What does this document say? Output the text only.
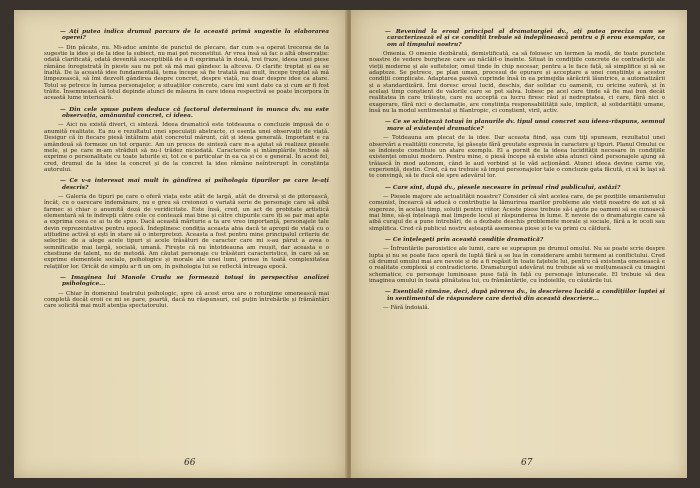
— Ați putea indica drumul parcurs de la această primă sugestie la elaborarea operei?

— Din păcate, nu. Mi-aduc aminte de punctul de plecare, dar cum s-a operat trecerea de la sugestie la idee și de la idee la subiect, nu mai pot reconstitui. Ar vrea însă să fac o altă observație: odată clarificată, odată devenită susceptibilă de a fi exprimată în două, trei fraze, ideea unei piese rămâne înregistrată în pieste sau nu pot să mă mai gândesc la altceva. O clarific treptat și ea se înaltă. De la această idee fundamentală, tema începe să fie tratată mai mult, începe treptat să mă limpezească, să îmi dezvolt gândirea despre concret, despre viață, nu doar despre idee ca atare. Totul se petrece în lumea personajelor, a situațiilor concrete, care îmi sunt date ca și cum ar fi fost trăite. Însemnează că totul depinde atunci de măsura în care ideea respectivă se poate încorpora în această lume interioară.

— Din cele spuse putem deduce că factorul determinant în munca dv. nu este observația, amănuntul concret, ci ideea.

— Aici nu există divert, ci sinteză. Ideea dramatică este totdeauna o concluzie impusă de o anumită realitate. Ea nu e rezultatul unei speculații abstracte, ci esența unei observații de viață. Desigur că în fiecare piesă întâlnim atât concretul mărunt, cât și ideea generală. Important e ca amândouă să formeze un tot organic. Am un proces de sinteză care m-a ajutat să realizez piesele mele, și pe care m-am străduit să nu-l trădez niciodată. Caracterele și întâmplările trebuie să exprime o personalitate cu toate laturile ei, tot ce e particular în ea ca și ce e general. În acest fel, cred, drumul de la idee la concret și de la concret la idee rămâne neîntrerupt în conștiința autorului.

— Ce v-a interesat mai mult în gândirea și psihologia tipurilor pe care le-ați descris?

— Galeria de tipuri pe care o oferă viața este atât de largă, atât de diversă și de pitorească, încât, cu o oarecare îndemânare, nu e greu să creionezi o variată serie de personaje care să aibă farmec și chiar o anumită doză de veridicitate. Este însă, cred, un act de probitate artistică elementară să te îndrepți către cele ce contează mai bine și către chipurile care îți se par mai apte a exprima ceea ce ai tu de spus. Dacă această mărturie a ta are vreo importanță, personajele tale devin reprezentative pentru epocă. Îndeplinesc condiția aceasta abia dacă te apropii de viață cu o atitudine activă și ești în stare să o interpretezi. Aceasta a fost pentru mine principalul criteriu de selecție: de a alege acele tipuri și acele trăsături de caracter care mi s-au părut a avea o semnificație mai largă, socială, umană. Firește că nu întotdeauna am reușit, dar aceasta e o chestiune de talent, nu de metodă. Am căutat personaje cu trăsături caracteristice, în care să se exprime elementele sociale, psihologice și morale ale unei lumi, prinse în toată complexitatea relațiilor lor. Oricât de simplu ar fi un om, în psihologia lui se reflectă întreaga epocă.

— Imaginea lui Manole Crudu se formează totuși în perspectiva analizei psihologice...

— Chiar în domeniul teatrului psihologic, spre că acest erou are o rotunjime omenească mai completă decât eroii ce mi se pare, poartă, dacă nu răspunsuri, cel puțin întrebările și frământări care solicită mai mult atenția spectatorului.

66
— Revenind la eroul principal al dramaturgiei dv., ați putea preciza cum se caracterizează el și ce condiții trebuie să îndeplinească pentru a fi erou exemplar, ca om al timpului nostru?

Omenia. O omenie dezbărată, demistificată, ca să folosesc un termen la modă, de toate punctele noastre de vedere burgheze care au năclăit-o înainte. Situat în condițiile concrete de contradicții ale vieții moderne și ale sufletelor, omul tinde în chip necesar, pentru a le face față, să simplifice și să se adapteze. Se petrece, pe plan uman, procesul de epurare și acceptare a unei conștiințe a acestor condiții complicate. Adaptarea pasivă cuprinde însă în ea primejdia sărăcirii lăuntrice, a automatizării și a standardizării. Îmi doresc eroul lucid, deschis, dar solidar cu oamenii, cu oricine suferă, și în același timp conștient de valorile care se pot salva. Iubesc pe acel care tinde să fie mai bun decât realitatea în care trăiește, care nu acceptă ca lucru firesc răul și nedreptatea, ci care, fără nici o exagerare, fără nici o declamație, are conștiința responsabilității sale, implicit, al solidarității umane, însă nu la modul sentimental și filantropic, ci conștient, viril, activ.

— Ce se schițează totuși în planurile dv. tipul unui concret sau ideea-răspuns, semnul mare al existenței dramatice?

— Totdeauna am plecat de la idee. Dar aceasta fiind, aşa cum tiţi spuneam, rezultatul unei observări a realității concrete, îşi găseşte fără greutate expresia în caractere şi tipuri. Planul Omului ce se îndoiește constituie un atare exemplu. El a pornit de la ideea lucidității necesare în condițiile existenței omului modern. Pentru mine, o piesă începe să existe abia atunci când personajele ajung să trăiască în mod autonom, când le aud vorbind și le văd acționând. Atunci ideea devine carne vie, experiență, destin. Cred, că nu trebuie să impui personajelor tale o concluzie gata făcută, ci să le lași să te convingă, să te ducă ele spre adevărul lor.

— Care sînt, după dv., piesele necesare în primul rînd publicului, astăzi?

— Piesele majore ale actualității noastre? Consider că sînt acelea care, de pe pozițiile umanismului comunist, încearcă să aducă o contribuție la lămurirea marilor probleme ale vieții noastre de azi și să sugereze, în același timp, soluții pentru viitor. Aceste piese trebuie să-i ajute pe oameni să se cunoască mai bine, să-și înțeleagă mai limpede locul și răspunderea în lume. E nevoie de o dramaturgie care să aibă curajul de a pune întrebări, de a dezbate deschis problemele morale și sociale, fără a le ocoli sau simplifica. Cred că publicul nostru așteaptă asemenea piese și le va primi cu căldură.

— Ce înțelegeți prin această condiție dramatică?

— Înfruntările paroxistice ale lumii, care se suprapun pe drumul omului. Nu se poate scrie despre lupta și nu se poate face operă de luptă fără a se lua în considerare ambii termeni ai conflictului. Cred că drumul omului mai are nevoie și de a fi regăsit în toate fațetele lui, pentru că existența omenească e o realitate complexă și contradictorie. Dramaturgul adevărat nu trebuie să se mulțumească cu imagini schematice, cu personaje luminoase puse față în față cu personaje întunecate. El trebuie să dea imaginea omului în toată plinătatea lui, cu frământările, cu îndoielile, cu căutările lui.

— Esențială rămâne, deci, după părerea dv., în descrierea lucidă a condițiilor luptei și în sentimentul de răspundere care derivă din această descriere...

— Fără îndoială.

67
